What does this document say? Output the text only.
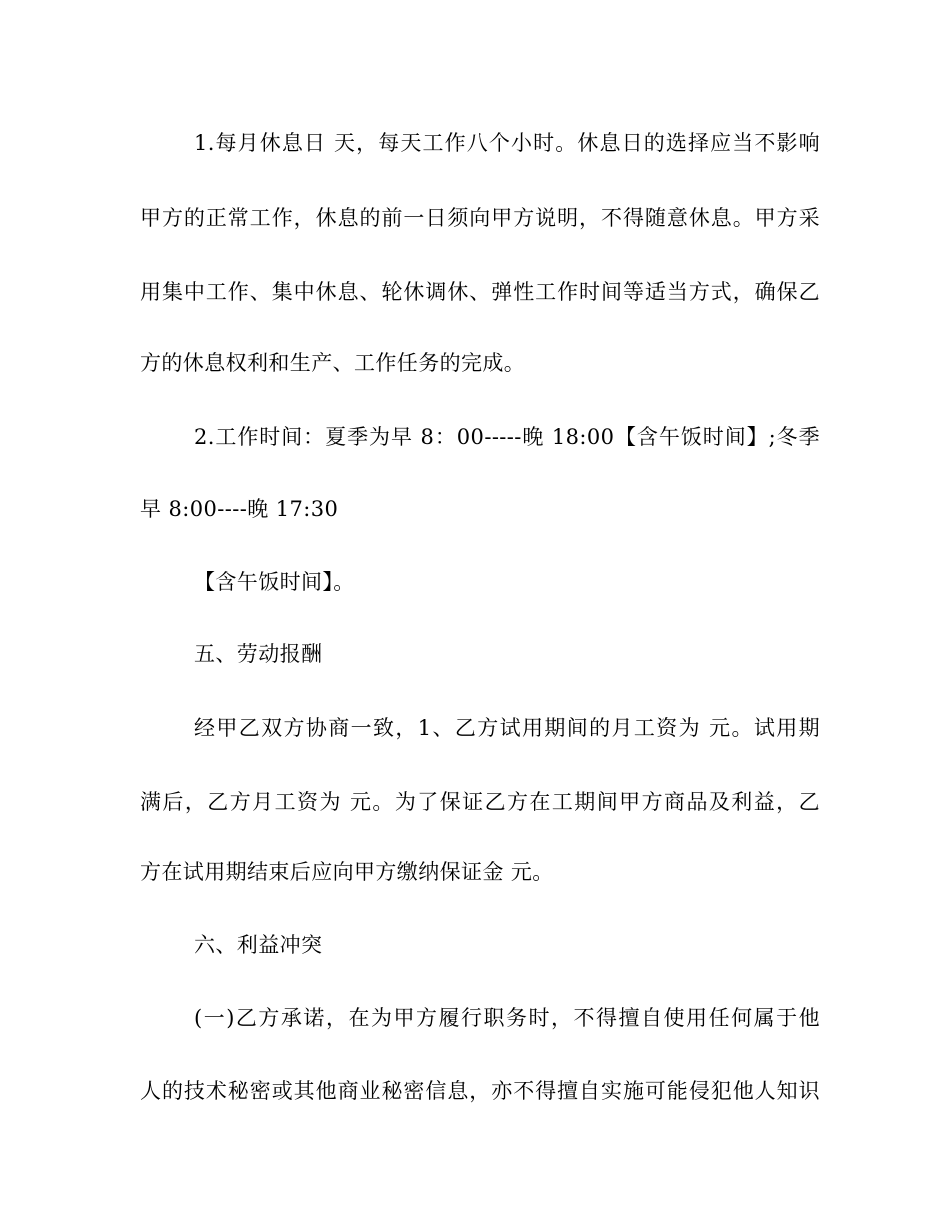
1.每月休息日 天，每天工作八个小时。休息日的选择应当不影响
甲方的正常工作，休息的前一日须向甲方说明，不得随意休息。甲方采
用集中工作、集中休息、轮休调休、弹性工作时间等适当方式，确保乙
方的休息权利和生产、工作任务的完成。
2.工作时间：夏季为早 8：00-----晚 18:00【含午饭时间】;冬季
早 8:00----晚 17:30
【含午饭时间】。
五、劳动报酬
经甲乙双方协商一致，1、乙方试用期间的月工资为 元。试用期
满后，乙方月工资为 元。为了保证乙方在工期间甲方商品及利益，乙
方在试用期结束后应向甲方缴纳保证金 元。
六、利益冲突
(一)乙方承诺，在为甲方履行职务时，不得擅自使用任何属于他
人的技术秘密或其他商业秘密信息，亦不得擅自实施可能侵犯他人知识
